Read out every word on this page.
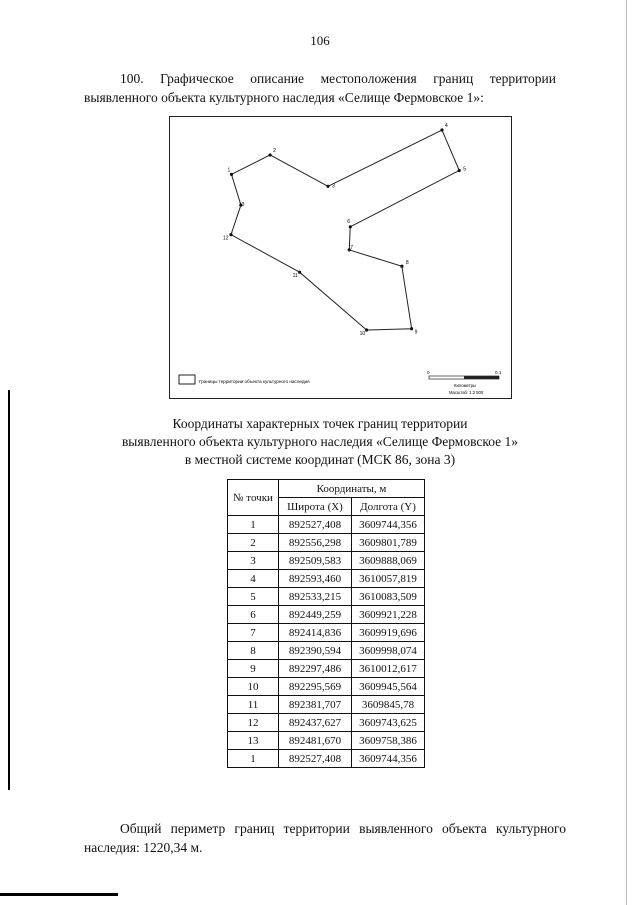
106
100. Графическое описание местоположения границ территории выявленного объекта культурного наследия «Селище Фермовское 1»:
1
2
3
4
5
6
7
8
9
10
11
12
13
Границы территории объекта культурного наследия
0	0.1
Километры
Масштаб: 1:2 500
Координаты характерных точек границ территории
выявленного объекта культурного наследия «Селище Фермовское 1»
в местной системе координат (МСК 86, зона 3)
№ точки	Координаты, м	
	Широта (X)	Долгота (Y)
1	892527,408	3609744,356
2	892556,298	3609801,789
3	892509,583	3609888,069
4	892593,460	3610057,819
5	892533,215	3610083,509
6	892449,259	3609921,228
7	892414,836	3609919,696
8	892390,594	3609998,074
9	892297,486	3610012,617
10	892295,569	3609945,564
11	892381,707	3609845,78
12	892437,627	3609743,625
13	892481,670	3609758,386
1	892527,408	3609744,356
Общий периметр границ территории выявленного объекта культурного наследия: 1220,34 м.
